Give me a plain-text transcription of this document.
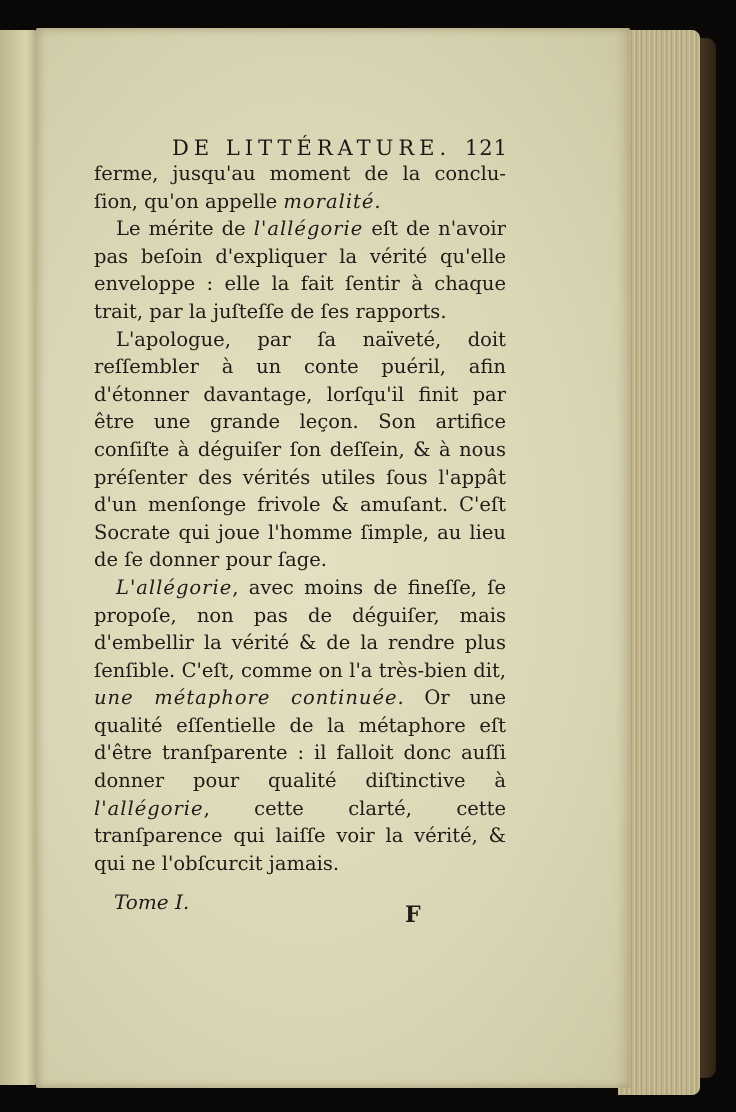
DE LITTÉRATURE. 121

ferme, jusqu'au moment de la conclu-

ſion, qu'on appelle moralité.

Le mérite de l'allégorie eſt de n'avoir pas beſoin d'expliquer la vérité qu'elle enveloppe : elle la fait ſentir à chaque trait, par la juſteſſe de ſes rapports.

L'apologue, par ſa naïveté, doit reſſembler à un conte puéril, afin d'étonner davantage, lorſqu'il finit par être une grande leçon. Son artifice conſiſte à déguiſer ſon deſſein, & à nous préſenter des vérités utiles ſous l'appât d'un menſonge frivole & amuſant. C'eſt Socrate qui joue l'homme ſimple, au lieu de ſe donner pour ſage.

L'allégorie, avec moins de fineſſe, ſe propoſe, non pas de déguiſer, mais d'embellir la vérité & de la rendre plus ſenſible. C'eſt, comme on l'a très-bien dit, une métaphore continuée. Or une qualité eſſentielle de la métaphore eſt d'être tranſparente : il falloit donc auſſi donner pour qualité diſtinctive à l'allégorie, cette clarté, cette tranſparence qui laiſſe voir la vérité, & qui ne l'obſcurcit jamais.

Tome I.	F
